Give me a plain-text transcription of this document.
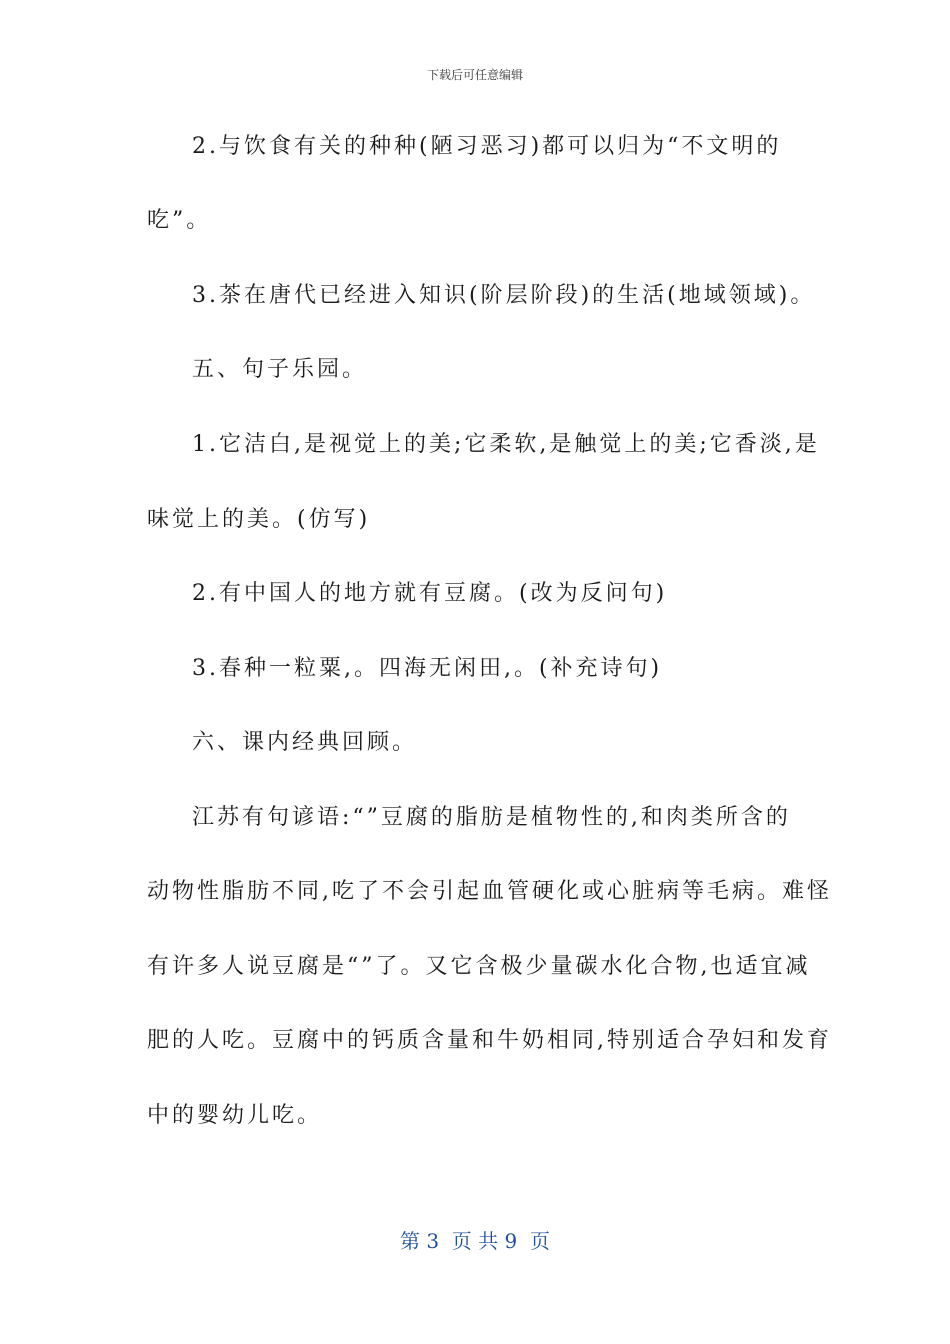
下载后可任意编辑
2.与饮食有关的种种(陋习恶习)都可以归为“不文明的
吃”。
3.茶在唐代已经进入知识(阶层阶段)的生活(地域领域)。
五、句子乐园。
1.它洁白,是视觉上的美;它柔软,是触觉上的美;它香淡,是
味觉上的美。(仿写)
2.有中国人的地方就有豆腐。(改为反问句)
3.春种一粒粟,。四海无闲田,。(补充诗句)
六、课内经典回顾。
江苏有句谚语:“”豆腐的脂肪是植物性的,和肉类所含的
动物性脂肪不同,吃了不会引起血管硬化或心脏病等毛病。难怪
有许多人说豆腐是“”了。又它含极少量碳水化合物,也适宜减
肥的人吃。豆腐中的钙质含量和牛奶相同,特别适合孕妇和发育
中的婴幼儿吃。
第 3  页 共 9  页
